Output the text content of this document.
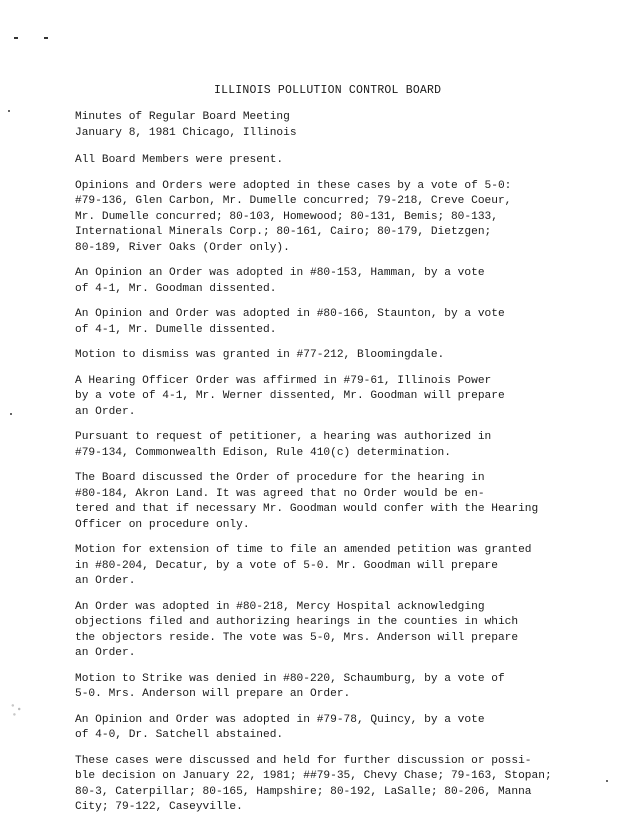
ILLINOIS POLLUTION CONTROL BOARD

Minutes of Regular Board Meeting
January 8, 1981 Chicago, Illinois

All Board Members were present.

Opinions and Orders were adopted in these cases by a vote of 5-0:
#79-136, Glen Carbon, Mr. Dumelle concurred; 79-218, Creve Coeur,
Mr. Dumelle concurred; 80-103, Homewood; 80-131, Bemis; 80-133,
International Minerals Corp.; 80-161, Cairo; 80-179, Dietzgen;
80-189, River Oaks (Order only).

An Opinion an Order was adopted in #80-153, Hamman, by a vote
of 4-1, Mr. Goodman dissented.

An Opinion and Order was adopted in #80-166, Staunton, by a vote
of 4-1, Mr. Dumelle dissented.

Motion to dismiss was granted in #77-212, Bloomingdale.

A Hearing Officer Order was affirmed in #79-61, Illinois Power
by a vote of 4-1, Mr. Werner dissented, Mr. Goodman will prepare
an Order.

Pursuant to request of petitioner, a hearing was authorized in
#79-134, Commonwealth Edison, Rule 410(c) determination.

The Board discussed the Order of procedure for the hearing in
#80-184, Akron Land. It was agreed that no Order would be en-
tered and that if necessary Mr. Goodman would confer with the Hearing
Officer on procedure only.

Motion for extension of time to file an amended petition was granted
in #80-204, Decatur, by a vote of 5-0. Mr. Goodman will prepare
an Order.

An Order was adopted in #80-218, Mercy Hospital acknowledging
objections filed and authorizing hearings in the counties in which
the objectors reside. The vote was 5-0, Mrs. Anderson will prepare
an Order.

Motion to Strike was denied in #80-220, Schaumburg, by a vote of
5-0. Mrs. Anderson will prepare an Order.

An Opinion and Order was adopted in #79-78, Quincy, by a vote
of 4-0, Dr. Satchell abstained.

These cases were discussed and held for further discussion or possi-
ble decision on January 22, 1981; ##79-35, Chevy Chase; 79-163, Stopan;
80-3, Caterpillar; 80-165, Hampshire; 80-192, LaSalle; 80-206, Manna
City; 79-122, Caseyville.
